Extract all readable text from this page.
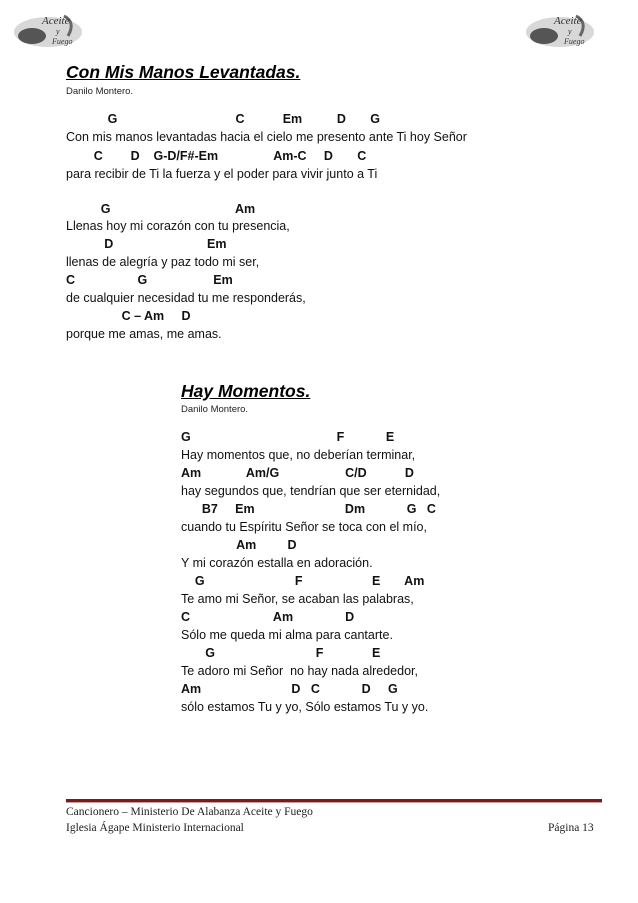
Aceite
y
Fuego
Aceite
y
Fuego
Con Mis Manos Levantadas.
Danilo Montero.
G                                  C           Em          D       G
Con mis manos levantadas hacia el cielo me presento ante Ti hoy Señor
C        D    G-D/F#-Em                Am-C     D       C
para recibir de Ti la fuerza y el poder para vivir junto a Ti
G                                    Am
Llenas hoy mi corazón con tu presencia,
D                           Em
llenas de alegría y paz todo mi ser,
C                  G                   Em
de cualquier necesidad tu me responderás,
C – Am     D
porque me amas, me amas.
Hay Momentos.
Danilo Montero.
G                                          F            E
Hay momentos que, no deberían terminar,
Am             Am/G                   C/D           D
hay segundos que, tendrían que ser eternidad,
B7     Em                          Dm            G   C
cuando tu Espíritu Señor se toca con el mío,
Am         D
Y mi corazón estalla en adoración.
G                          F                    E       Am
Te amo mi Señor, se acaban las palabras,
C                        Am               D
Sólo me queda mi alma para cantarte.
G                             F              E
Te adoro mi Señor  no hay nada alrededor,
Am                          D   C            D     G
sólo estamos Tu y yo, Sólo estamos Tu y yo.
Cancionero – Ministerio De Alabanza Aceite y Fuego
Iglesia Ágape Ministerio Internacional	Página 13
